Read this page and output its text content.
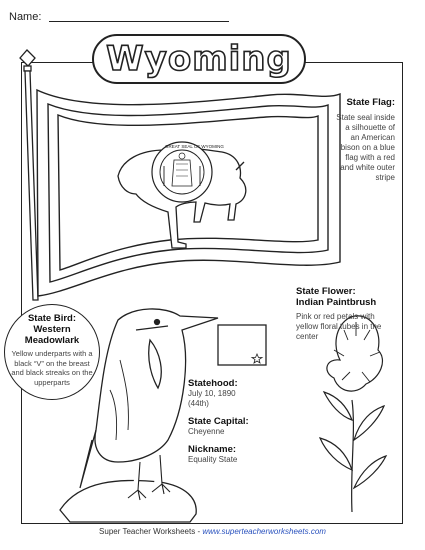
Name:
GREAT SEAL OF WYOMING
Wyoming
State Flag:
State seal inside a silhouette of an American bison on a blue flag with a red and white outer stripe
State Flower:
Indian Paintbrush
Pink or red petals with yellow floral tubes in the center
State Bird:
Western
Meadowlark
Yellow underparts with a black “V” on the breast and black streaks on the upperparts	Statehood:
July 10, 1890 (44th)
State Capital:
Cheyenne
Nickname:
Equality State
Super Teacher Worksheets - www.superteacherworksheets.com
